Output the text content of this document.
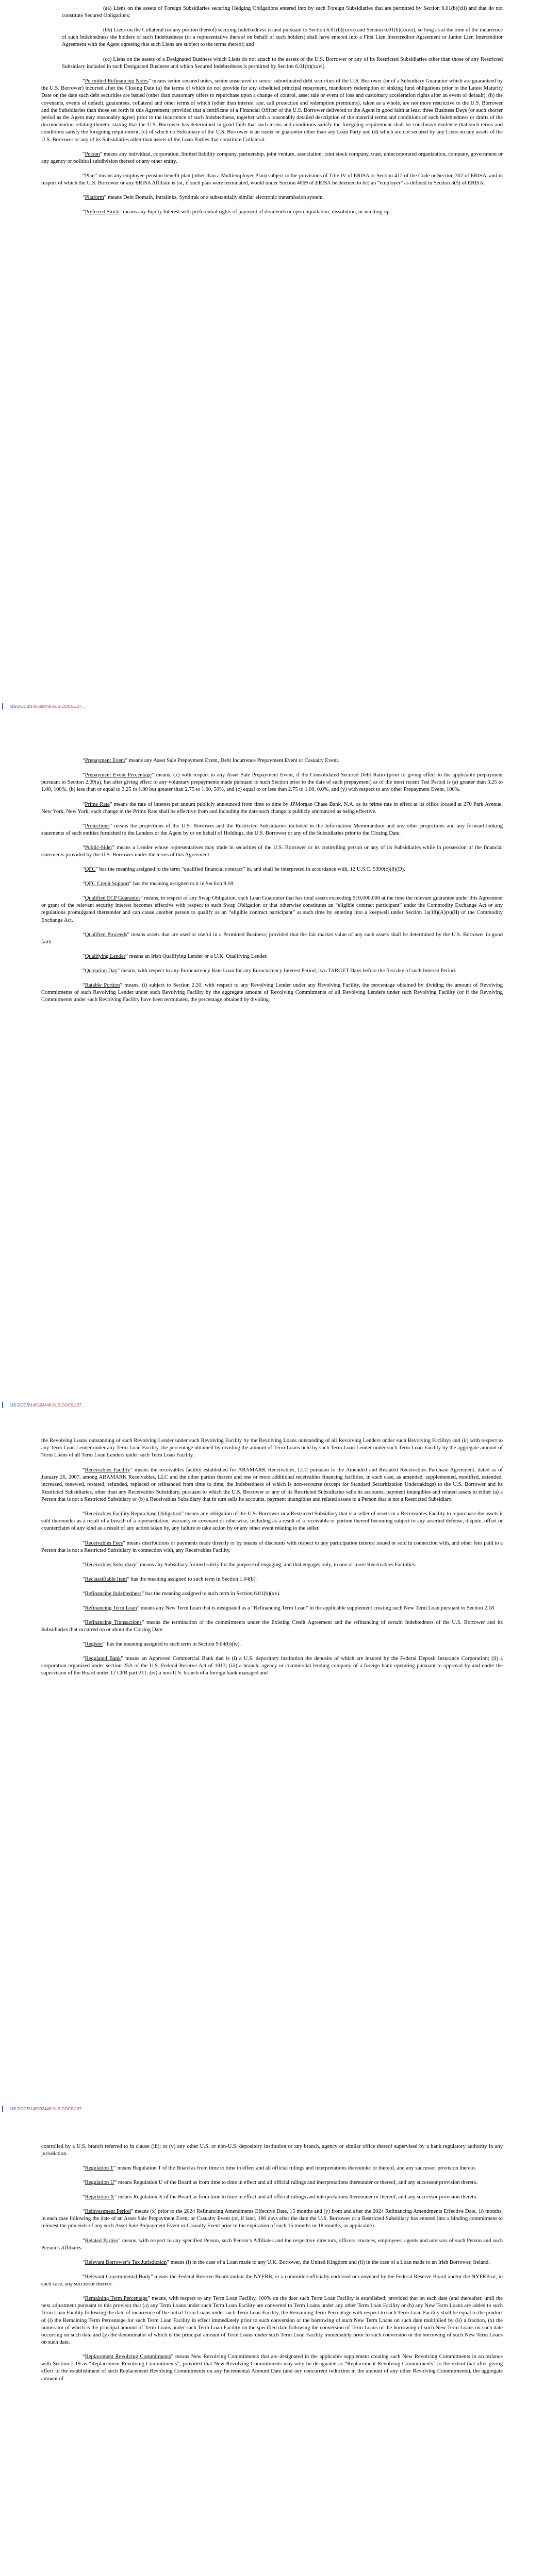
(aa) Liens on the assets of Foreign Subsidiaries securing Hedging Obligations entered into by such Foreign Subsidiaries that are permitted by Section 6.01(b)(xii) and that do not constitute Secured Obligations;

(bb) Liens on the Collateral (or any portion thereof) securing Indebtedness issued pursuant to Section 6.01(b)(xxvi) and Section 6.01(b)(xxvii), so long as at the time of the incurrence of such Indebtedness the holders of such Indebtedness (or a representative thereof on behalf of such holders) shall have entered into a First Lien Intercreditor Agreement or Junior Lien Intercreditor Agreement with the Agent agreeing that such Liens are subject to the terms thereof; and

(cc) Liens on the assets of a Designated Business which Liens do not attach to the assets of the U.S. Borrower or any of its Restricted Subsidiaries other than those of any Restricted Subsidiary included in such Designated Business and which Secured Indebtedness is permitted by Section 6.01(b)(xxvi).

“Permitted Refinancing Notes” means senior secured notes, senior unsecured or senior subordinated debt securities of the U.S. Borrower (or of a Subsidiary Guarantor which are guaranteed by the U.S. Borrower) incurred after the Closing Date (a) the terms of which do not provide for any scheduled principal repayment, mandatory redemption or sinking fund obligations prior to the Latest Maturity Date on the date such debt securities are issued (other than customary offers to repurchase upon a change of control, asset sale or event of loss and customary acceleration rights after an event of default), (b) the covenants, events of default, guarantees, collateral and other terms of which (other than interest rate, call protection and redemption premiums), taken as a whole, are not more restrictive to the U.S. Borrower and the Subsidiaries than those set forth in this Agreement; provided that a certificate of a Financial Officer of the U.S. Borrower delivered to the Agent in good faith at least three Business Days (or such shorter period as the Agent may reasonably agree) prior to the incurrence of such Indebtedness, together with a reasonably detailed description of the material terms and conditions of such Indebtedness or drafts of the documentation relating thereto, stating that the U.S. Borrower has determined in good faith that such terms and conditions satisfy the foregoing requirement shall be conclusive evidence that such terms and conditions satisfy the foregoing requirement, (c) of which no Subsidiary of the U.S. Borrower is an issuer or guarantor other than any Loan Party and (d) which are not secured by any Liens on any assets of the U.S. Borrower or any of its Subsidiaries other than assets of the Loan Parties that constitute Collateral.

“Person” means any individual, corporation, limited liability company, partnership, joint venture, association, joint stock company, trust, unincorporated organization, company, government or any agency or political subdivision thereof or any other entity.

“Plan” means any employee pension benefit plan (other than a Multiemployer Plan) subject to the provisions of Title IV of ERISA or Section 412 of the Code or Section 302 of ERISA, and in respect of which the U.S. Borrower or any ERISA Affiliate is (or, if such plan were terminated, would under Section 4069 of ERISA be deemed to be) an “employer” as defined in Section 3(5) of ERISA.

“Platform” means Debt Domain, Intralinks, Syndtrak or a substantially similar electronic transmission system.

“Preferred Stock” means any Equity Interest with preferential rights of payment of dividends or upon liquidation, dissolution, or winding-up.

US-DOCS\145592448.9US-DOCS\137...

“Prepayment Event” means any Asset Sale Prepayment Event, Debt Incurrence Prepayment Event or Casualty Event.

“Prepayment Event Percentage” means, (x) with respect to any Asset Sale Prepayment Event, if the Consolidated Secured Debt Ratio (prior to giving effect to the applicable prepayment pursuant to Section 2.09(a), but after giving effect to any voluntary prepayments made pursuant to such Section prior to the date of such prepayment) as of the most recent Test Period is (a) greater than 3.25 to 1.00, 100%, (b) less than or equal to 3.25 to 1.00 but greater than 2.75 to 1.00, 50%, and (c) equal to or less than 2.75 to 1.00, 0.0%, and (y) with respect to any other Prepayment Event, 100%.

“Prime Rate” means the rate of interest per annum publicly announced from time to time by JPMorgan Chase Bank, N.A. as its prime rate in effect at its office located at 270 Park Avenue, New York, New York; each change in the Prime Rate shall be effective from and including the date such change is publicly announced as being effective.

“Projections” means the projections of the U.S. Borrower and the Restricted Subsidiaries included in the Information Memorandum and any other projections and any forward-looking statements of such entities furnished to the Lenders or the Agent by or on behalf of Holdings, the U.S. Borrower or any of the Subsidiaries prior to the Closing Date.

“Public-Sider” means a Lender whose representatives may trade in securities of the U.S. Borrower or its controlling person or any of its Subsidiaries while in possession of the financial statements provided by the U.S. Borrower under the terms of this Agreement.

“QFC” has the meaning assigned to the term “qualified financial contract” in, and shall be interpreted in accordance with, 12 U.S.C. 5390(c)(8)(D).

“QFC Credit Support” has the meaning assigned to it in Section 9.18.

“Qualified ECP Guarantor” means, in respect of any Swap Obligation, each Loan Guarantor that has total assets exceeding $10,000,000 at the time the relevant guarantee under this Agreement or grant of the relevant security interest becomes effective with respect to such Swap Obligation or that otherwise constitutes an “eligible contract participant” under the Commodity Exchange Act or any regulations promulgated thereunder and can cause another person to qualify as an “eligible contract participant” at such time by entering into a keepwell under Section 1a(18)(A)(v)(II) of the Commodity Exchange Act.

“Qualified Proceeds” means assets that are used or useful in a Permitted Business; provided that the fair market value of any such assets shall be determined by the U.S. Borrower in good faith.

“Qualifying Lender” means an Irish Qualifying Lender or a U.K. Qualifying Lender.

“Quotation Day” means, with respect to any Eurocurrency Rate Loan for any Eurocurrency Interest Period, two TARGET Days before the first day of such Interest Period.

“Ratable Portion” means, (i) subject to Section 2.20, with respect to any Revolving Lender under any Revolving Facility, the percentage obtained by dividing the amount of Revolving Commitments of such Revolving Lender under such Revolving Facility by the aggregate amount of Revolving Commitments of all Revolving Lenders under such Revolving Facility (or if the Revolving Commitments under such Revolving Facility have been terminated, the percentage obtained by dividing

US-DOCS\145592448.9US-DOCS\137...

the Revolving Loans outstanding of such Revolving Lender under such Revolving Facility by the Revolving Loans outstanding of all Revolving Lenders under such Revolving Facility) and (ii) with respect to any Term Loan Lender under any Term Loan Facility, the percentage obtained by dividing the amount of Term Loans held by such Term Loan Lender under such Term Loan Facility by the aggregate amount of Term Loans of all Term Loan Lenders under such Term Loan Facility.

“Receivables Facility” means the receivables facility established for ARAMARK Receivables, LLC pursuant to the Amended and Restated Receivables Purchase Agreement, dated as of January 26, 2007, among ARAMARK Receivables, LLC and the other parties thereto and one or more additional receivables financing facilities, in each case, as amended, supplemented, modified, extended, increased, renewed, restated, refunded, replaced or refinanced from time to time, the Indebtedness of which is non-recourse (except for Standard Securitization Undertakings) to the U.S. Borrower and its Restricted Subsidiaries, other than any Receivables Subsidiary, pursuant to which the U.S. Borrower or any of its Restricted Subsidiaries sells its accounts, payment intangibles and related assets to either (a) a Person that is not a Restricted Subsidiary or (b) a Receivables Subsidiary that in turn sells its accounts, payment intangibles and related assets to a Person that is not a Restricted Subsidiary.

“Receivables Facility Repurchase Obligation” means any obligation of the U.S. Borrower or a Restricted Subsidiary that is a seller of assets in a Receivables Facility to repurchase the assets it sold thereunder as a result of a breach of a representation, warranty or covenant or otherwise, including as a result of a receivable or portion thereof becoming subject to any asserted defense, dispute, offset or counterclaim of any kind as a result of any action taken by, any failure to take action by or any other event relating to the seller.

“Receivables Fees” means distributions or payments made directly or by means of discounts with respect to any participation interest issued or sold in connection with, and other fees paid to a Person that is not a Restricted Subsidiary in connection with, any Receivables Facility.

“Receivables Subsidiary” means any Subsidiary formed solely for the purpose of engaging, and that engages only, in one or more Receivables Facilities.

“Reclassifiable Item” has the meaning assigned to such term in Section 1.04(b).

“Refinancing Indebtedness” has the meaning assigned to such term in Section 6.01(b)(xv).

“Refinancing Term Loan” means any New Term Loan that is designated as a “Refinancing Term Loan” in the applicable supplement creating such New Term Loan pursuant to Section 2.18.

“Refinancing Transactions” means the termination of the commitments under the Existing Credit Agreement and the refinancing of certain Indebtedness of the U.S. Borrower and its Subsidiaries that occurred on or about the Closing Date.

“Register” has the meaning assigned to such term in Section 9.04(b)(iv).

“Regulated Bank” means an Approved Commercial Bank that is (i) a U.S. depository institution the deposits of which are insured by the Federal Deposit Insurance Corporation; (ii) a corporation organized under section 25A of the U.S. Federal Reserve Act of 1913; (iii) a branch, agency or commercial lending company of a foreign bank operating pursuant to approval by and under the supervision of the Board under 12 CFR part 211; (iv) a non-U.S. branch of a foreign bank managed and

US-DOCS\145592448.9US-DOCS\137...

controlled by a U.S. branch referred to in clause (iii); or (v) any other U.S. or non-U.S. depository institution or any branch, agency or similar office thereof supervised by a bank regulatory authority in any jurisdiction.

“Regulation T” means Regulation T of the Board as from time to time in effect and all official rulings and interpretations thereunder or thereof, and any successor provision thereto.

“Regulation U” means Regulation U of the Board as from time to time in effect and all official rulings and interpretations thereunder or thereof, and any successor provision thereto.

“Regulation X” means Regulation X of the Board as from time to time in effect and all official rulings and interpretations thereunder or thereof, and any successor provision thereto.

“Reinvestment Period” means (x) prior to the 2024 Refinancing Amendments Effective Date, 15 months and (y) from and after the 2024 Refinancing Amendments Effective Date, 18 months, in each case following the date of an Asset Sale Prepayment Event or Casualty Event (or, if later, 180 days after the date the U.S. Borrower or a Restricted Subsidiary has entered into a binding commitment to reinvest the proceeds of any such Asset Sale Prepayment Event or Casualty Event prior to the expiration of such 15 months or 18 months, as applicable).

“Related Parties” means, with respect to any specified Person, such Person’s Affiliates and the respective directors, officers, trustees, employees, agents and advisors of such Person and such Person’s Affiliates.

“Relevant Borrower’s Tax Jurisdiction” means (i) in the case of a Loan made to any U.K. Borrower, the United Kingdom and (ii) in the case of a Loan made to an Irish Borrower, Ireland.

“Relevant Governmental Body” means the Federal Reserve Board and/or the NYFRB, or a committee officially endorsed or convened by the Federal Reserve Board and/or the NYFRB or, in each case, any successor thereto.

“Remaining Term Percentage” means, with respect to any Term Loan Facility, 100% on the date such Term Loan Facility is established; provided that on each date (and thereafter, until the next adjustment pursuant to this proviso) that (a) any Term Loans under such Term Loan Facility are converted to Term Loans under any other Term Loan Facility or (b) any New Term Loans are added to such Term Loan Facility following the date of incurrence of the initial Term Loans under such Term Loan Facility, the Remaining Term Percentage with respect to such Term Loan Facility shall be equal to the product of (i) the Remaining Term Percentage for such Term Loan Facility in effect immediately prior to such conversion or the borrowing of such New Term Loans on such date multiplied by (ii) a fraction, (x) the numerator of which is the principal amount of Term Loans under such Term Loan Facility on the specified date following the conversion of Term Loans or the borrowing of such New Term Loans on such date occurring on such date and (y) the denominator of which is the principal amount of Term Loans under such Term Loan Facility immediately prior to such conversion or the borrowing of such New Term Loans on such date.

“Replacement Revolving Commitments” means New Revolving Commitments that are designated in the applicable supplement creating such New Revolving Commitments in accordance with Section 2.19 as “Replacement Revolving Commitments”; provided that New Revolving Commitments may only be designated as “Replacement Revolving Commitments” to the extent that after giving effect to the establishment of such Replacement Revolving Commitments on any Incremental Amount Date (and any concurrent reduction in the amount of any other Revolving Commitments), the aggregate amount of
